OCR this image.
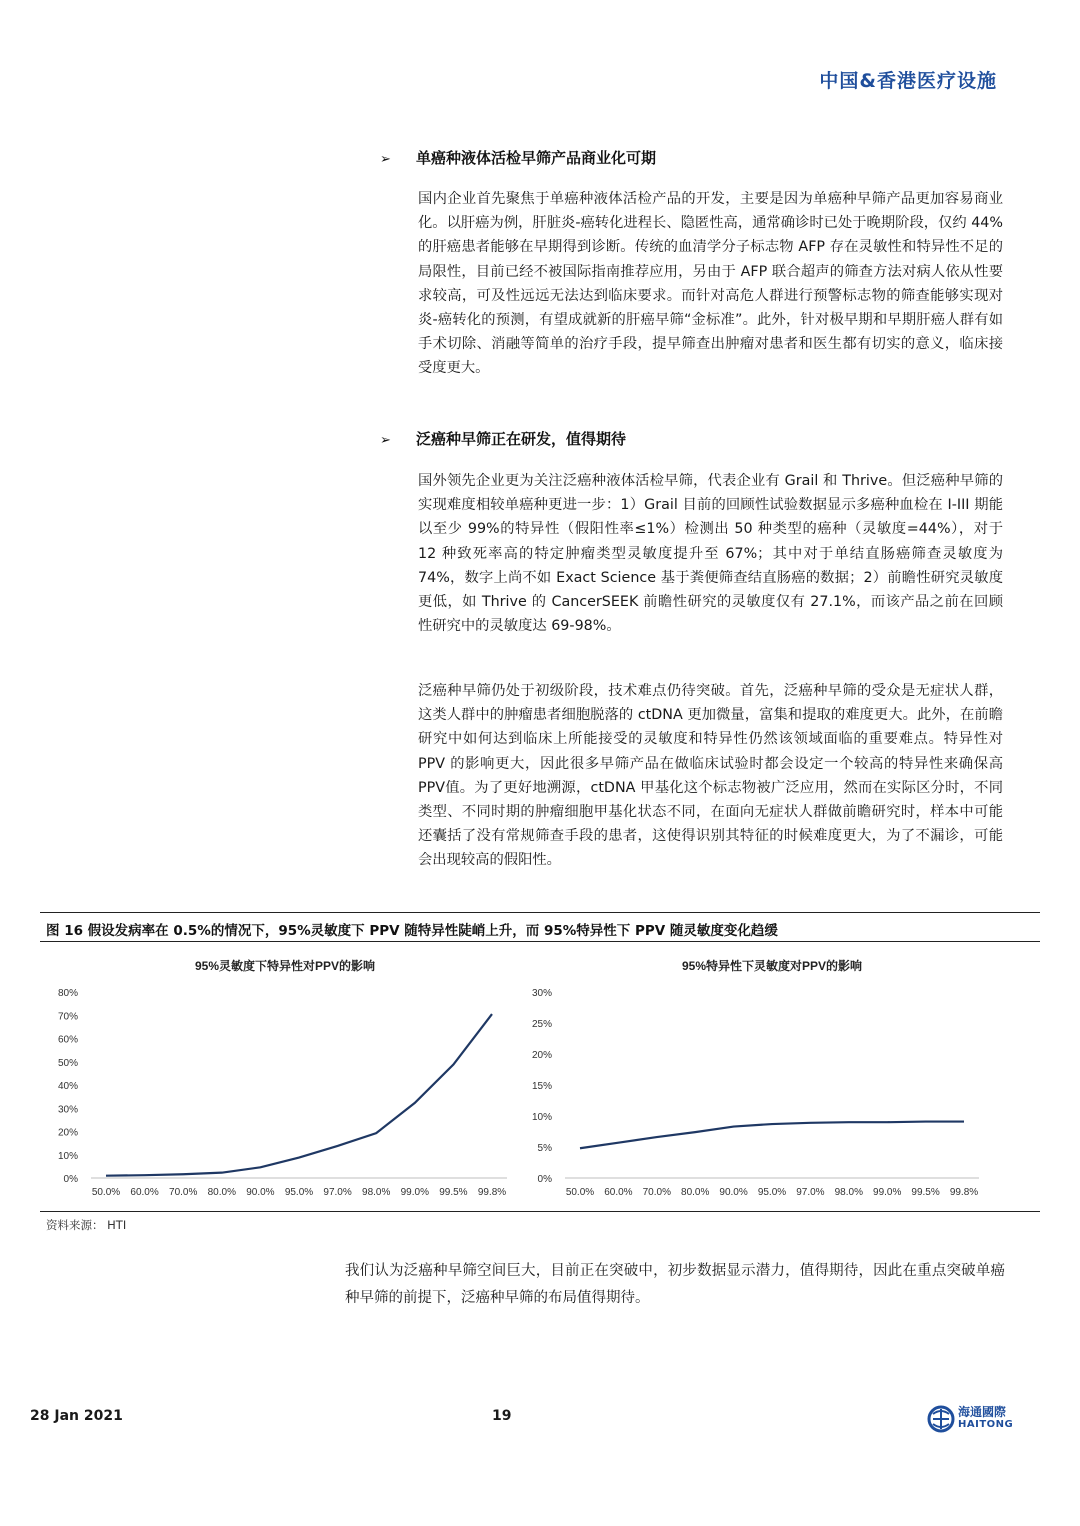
中国&香港医疗设施
➢ 单癌种液体活检早筛产品商业化可期
国内企业首先聚焦于单癌种液体活检产品的开发，主要是因为单癌种早筛产品更加容易商业化。以肝癌为例，肝脏炎-癌转化进程长、隐匿性高，通常确诊时已处于晚期阶段，仅约 44%的肝癌患者能够在早期得到诊断。传统的血清学分子标志物 AFP 存在灵敏性和特异性不足的局限性，目前已经不被国际指南推荐应用，另由于 AFP 联合超声的筛查方法对病人依从性要求较高，可及性远远无法达到临床要求。而针对高危人群进行预警标志物的筛查能够实现对炎-癌转化的预测，有望成就新的肝癌早筛“金标准”。此外，针对极早期和早期肝癌人群有如手术切除、消融等简单的治疗手段，提早筛查出肿瘤对患者和医生都有切实的意义，临床接受度更大。
➢ 泛癌种早筛正在研发，值得期待
国外领先企业更为关注泛癌种液体活检早筛，代表企业有 Grail 和 Thrive。但泛癌种早筛的实现难度相较单癌种更进一步：1）Grail 目前的回顾性试验数据显示多癌种血检在 I-III 期能以至少 99%的特异性（假阳性率≤1%）检测出 50 种类型的癌种（灵敏度=44%），对于 12 种致死率高的特定肿瘤类型灵敏度提升至 67%；其中对于单结直肠癌筛查灵敏度为 74%，数字上尚不如 Exact Science 基于粪便筛查结直肠癌的数据；2）前瞻性研究灵敏度更低，如 Thrive 的 CancerSEEK 前瞻性研究的灵敏度仅有 27.1%，而该产品之前在回顾性研究中的灵敏度达 69-98%。
泛癌种早筛仍处于初级阶段，技术难点仍待突破。首先，泛癌种早筛的受众是无症状人群，这类人群中的肿瘤患者细胞脱落的 ctDNA 更加微量，富集和提取的难度更大。此外，在前瞻研究中如何达到临床上所能接受的灵敏度和特异性仍然该领域面临的重要难点。特异性对 PPV 的影响更大，因此很多早筛产品在做临床试验时都会设定一个较高的特异性来确保高 PPV值。为了更好地溯源，ctDNA 甲基化这个标志物被广泛应用，然而在实际区分时，不同类型、不同时期的肿瘤细胞甲基化状态不同，在面向无症状人群做前瞻研究时，样本中可能还囊括了没有常规筛查手段的患者，这使得识别其特征的时候难度更大，为了不漏诊，可能会出现较高的假阳性。
图 16 假设发病率在 0.5%的情况下，95%灵敏度下 PPV 随特异性陡峭上升，而 95%特异性下 PPV 随灵敏度变化趋缓
95%灵敏度下特异性对PPV的影响
0%
10%
20%
30%
40%
50%
60%
70%
80%
50.0% 60.0% 70.0% 80.0% 90.0% 95.0% 97.0% 98.0% 99.0% 99.5% 99.8%
95%特异性下灵敏度对PPV的影响
0%
5%
10%
15%
20%
25%
30%
50.0% 60.0% 70.0% 80.0% 90.0% 95.0% 97.0% 98.0% 99.0% 99.5% 99.8%
资料来源： HTI
我们认为泛癌种早筛空间巨大，目前正在突破中，初步数据显示潜力，值得期待，因此在重点突破单癌种早筛的前提下，泛癌种早筛的布局值得期待。
28 Jan 2021	19	海通國際
HAITONG
